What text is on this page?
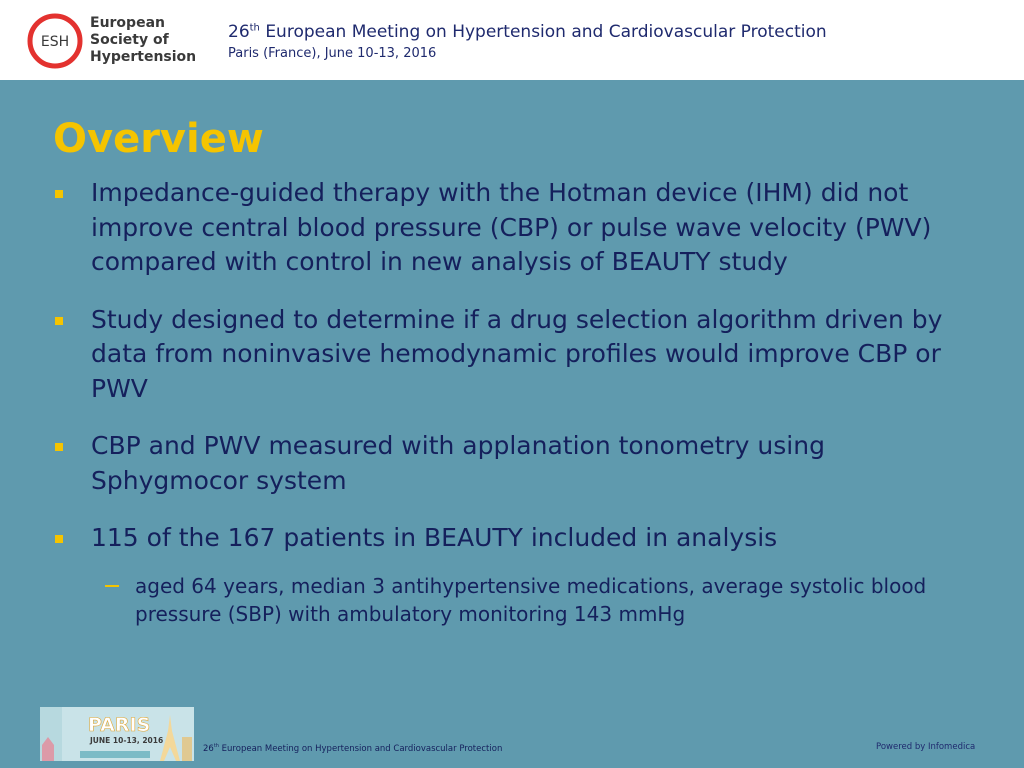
ESH
European
Society of
Hypertension
26th European Meeting on Hypertension and Cardiovascular Protection
Paris (France), June 10-13, 2016
Overview
Impedance-guided therapy with the Hotman device (IHM) did not improve central blood pressure (CBP) or pulse wave velocity (PWV) compared with control in new analysis of BEAUTY study
Study designed to determine if a drug selection algorithm driven by data from noninvasive hemodynamic profiles would improve CBP or PWV
CBP and PWV measured with applanation tonometry using Sphygmocor system
115 of the 167 patients in BEAUTY included in analysis
aged 64 years, median 3 antihypertensive medications, average systolic blood pressure (SBP) with ambulatory monitoring 143 mmHg
PARIS
JUNE 10-13, 2016
26th European Meeting on Hypertension and Cardiovascular Protection	Powered by Infomedica
